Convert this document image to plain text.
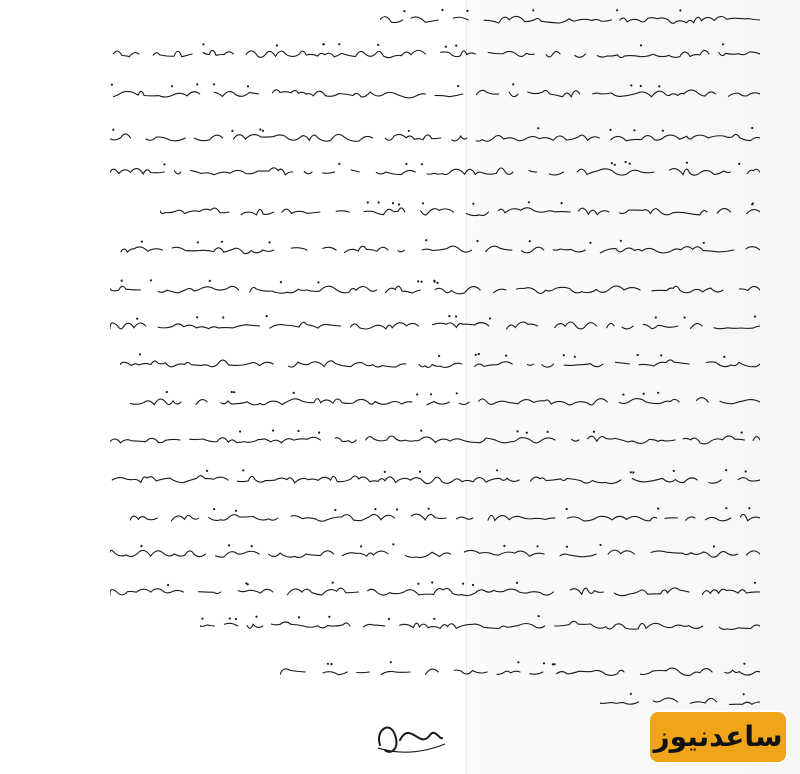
ساعدنیوز
